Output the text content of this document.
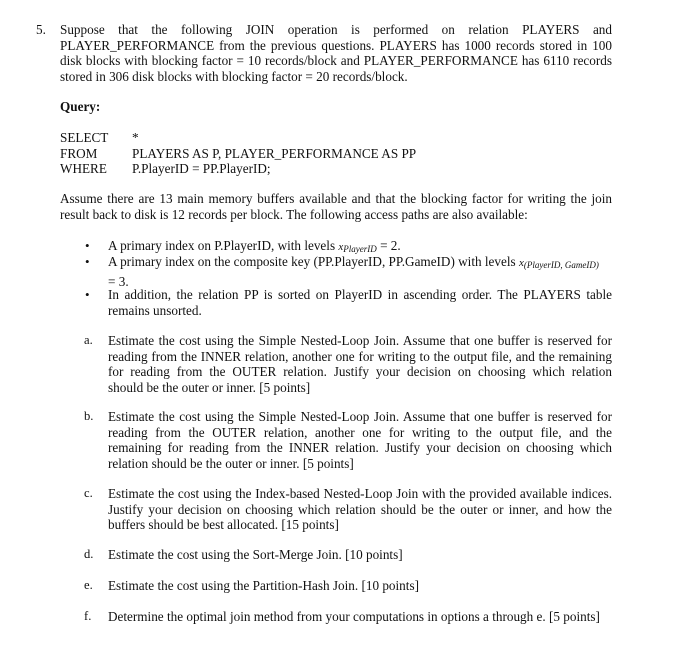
5. Suppose that the following JOIN operation is performed on relation PLAYERS and
PLAYER_PERFORMANCE from the previous questions. PLAYERS has 1000 records stored in 100
disk blocks with blocking factor = 10 records/block and PLAYER_PERFORMANCE has 6110 records
stored in 306 disk blocks with blocking factor = 20 records/block.
Query:
SELECT *
FROM	PLAYERS AS P, PLAYER_PERFORMANCE AS PP
WHERE P.PlayerID = PP.PlayerID;
Assume there are 13 main memory buffers available and that the blocking factor for writing the join
result back to disk is 12 records per block. The following access paths are also available:
• A primary index on P.PlayerID, with levels xPlayerID = 2.
• A primary index on the composite key (PP.PlayerID, PP.GameID) with levels x(PlayerID, GameID)
= 3.
• In addition, the relation PP is sorted on PlayerID in ascending order. The PLAYERS table
remains unsorted.
a. Estimate the cost using the Simple Nested-Loop Join. Assume that one buffer is reserved for
reading from the INNER relation, another one for writing to the output file, and the remaining
for reading from the OUTER relation. Justify your decision on choosing which relation
should be the outer or inner. [5 points]
b. Estimate the cost using the Simple Nested-Loop Join. Assume that one buffer is reserved for
reading from the OUTER relation, another one for writing to the output file, and the
remaining for reading from the INNER relation. Justify your decision on choosing which
relation should be the outer or inner. [5 points]
c. Estimate the cost using the Index-based Nested-Loop Join with the provided available indices.
Justify your decision on choosing which relation should be the outer or inner, and how the
buffers should be best allocated. [15 points]
d. Estimate the cost using the Sort-Merge Join. [10 points]
e. Estimate the cost using the Partition-Hash Join. [10 points]
f. Determine the optimal join method from your computations in options a through e. [5 points]
